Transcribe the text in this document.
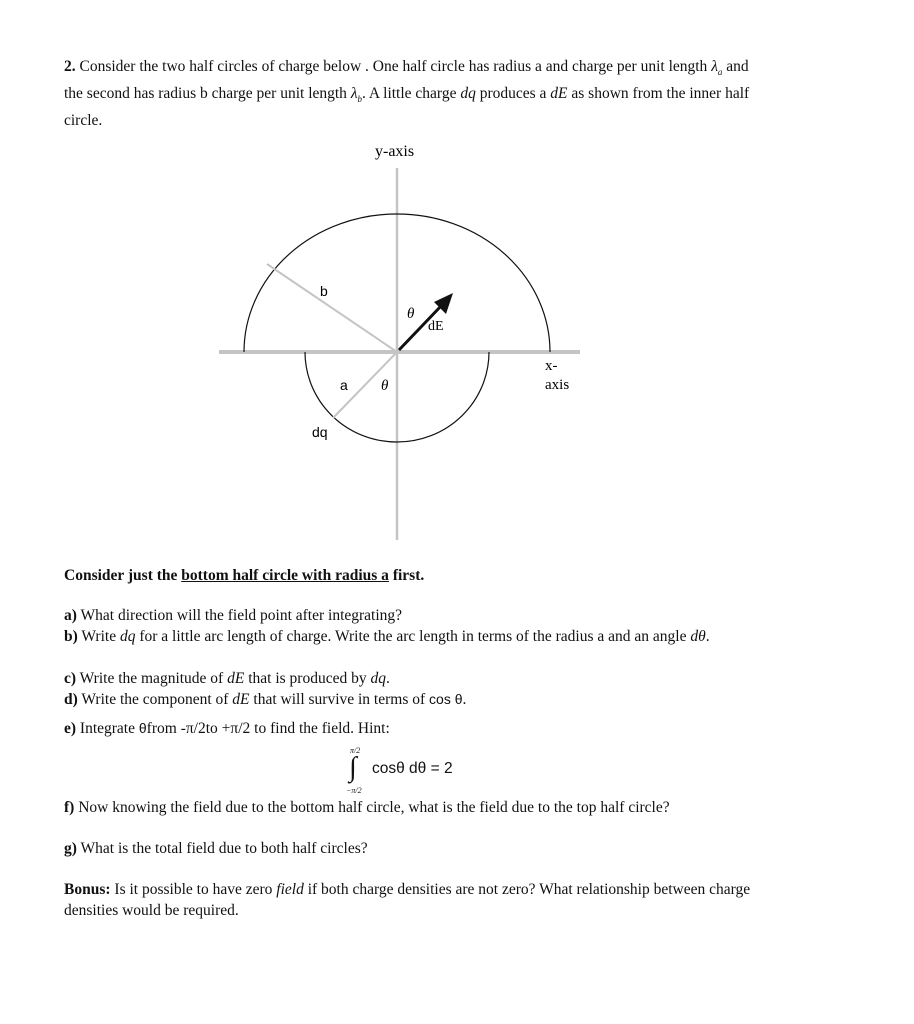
2. Consider the two half circles of charge below . One half circle has radius a and charge per unit length $\lambda_a$ and the second has radius b charge per unit length $\lambda_b$. A little charge dq produces a dE as shown from the inner half circle.

y-axis
x-
axis
b
a
θ
θ
dE
dq

Consider just the bottom half circle with radius a first.

a) What direction will the field point after integrating?

b) Write dq for a little arc length of charge. Write the arc length in terms of the radius a and an angle dθ.

c) Write the magnitude of dE that is produced by dq.

d) Write the component of dE that will survive in terms of cos θ.

e) Integrate θfrom -π/2to +π/2 to find the field. Hint:

π/2
∫
−π/2
cosθ dθ = 2

f) Now knowing the field due to the bottom half circle, what is the field due to the top half circle?

g) What is the total field due to both half circles?

Bonus: Is it possible to have zero field if both charge densities are not zero? What relationship between charge densities would be required.
